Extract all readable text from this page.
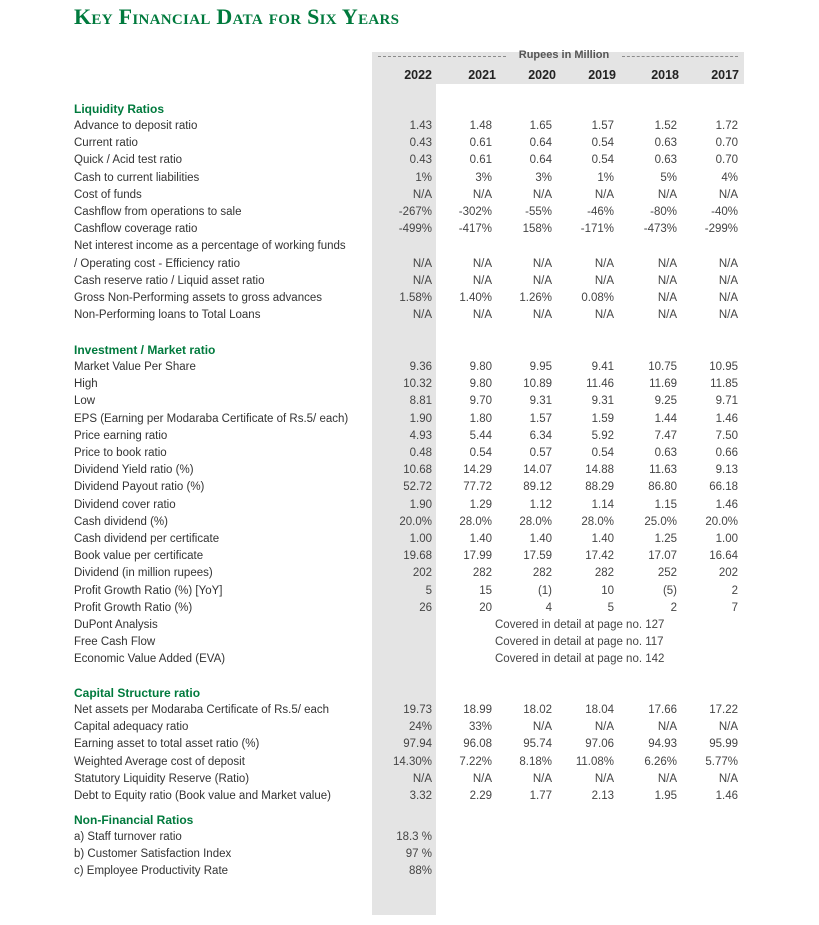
Key Financial Data for Six Years
Rupees in Million
2022	2021	2020	2019	2018	2017
Liquidity Ratios
Advance to deposit ratio	1.43	1.48	1.65	1.57	1.52	1.72
Current ratio	0.43	0.61	0.64	0.54	0.63	0.70
Quick / Acid test ratio	0.43	0.61	0.64	0.54	0.63	0.70
Cash to current liabilities	1%	3%	3%	1%	5%	4%
Cost of funds	N/A	N/A	N/A	N/A	N/A	N/A
Cashflow from operations to sale	-267%	-302%	-55%	-46%	-80%	-40%
Cashflow coverage ratio	-499%	-417%	158%	-171%	-473%	-299%
Net interest income as a percentage of working funds
/ Operating cost - Efficiency ratio	N/A	N/A	N/A	N/A	N/A	N/A
Cash reserve ratio / Liquid asset ratio	N/A	N/A	N/A	N/A	N/A	N/A
Gross Non-Performing assets to gross advances	1.58%	1.40%	1.26%	0.08%	N/A	N/A
Non-Performing loans to Total Loans	N/A	N/A	N/A	N/A	N/A	N/A
Investment / Market ratio
Market Value Per Share	9.36	9.80	9.95	9.41	10.75	10.95
High	10.32	9.80	10.89	11.46	11.69	11.85
Low	8.81	9.70	9.31	9.31	9.25	9.71
EPS (Earning per Modaraba Certificate of Rs.5/ each)	1.90	1.80	1.57	1.59	1.44	1.46
Price earning ratio	4.93	5.44	6.34	5.92	7.47	7.50
Price to book ratio	0.48	0.54	0.57	0.54	0.63	0.66
Dividend Yield ratio (%)	10.68	14.29	14.07	14.88	11.63	9.13
Dividend Payout ratio (%)	52.72	77.72	89.12	88.29	86.80	66.18
Dividend cover ratio	1.90	1.29	1.12	1.14	1.15	1.46
Cash dividend (%)	20.0%	28.0%	28.0%	28.0%	25.0%	20.0%
Cash dividend per certificate	1.00	1.40	1.40	1.40	1.25	1.00
Book value per certificate	19.68	17.99	17.59	17.42	17.07	16.64
Dividend (in million rupees)	202	282	282	282	252	202
Profit Growth Ratio (%) [YoY]	5	15	(1)	10	(5)	2
Profit Growth Ratio (%)	26	20	4	5	2	7
DuPont Analysis	Covered in detail at page no. 127
Free Cash Flow	Covered in detail at page no. 117
Economic Value Added (EVA)	Covered in detail at page no. 142
Capital Structure ratio
Net assets per Modaraba Certificate of Rs.5/ each	19.73	18.99	18.02	18.04	17.66	17.22
Capital adequacy ratio	24%	33%	N/A	N/A	N/A	N/A
Earning asset to total asset ratio (%)	97.94	96.08	95.74	97.06	94.93	95.99
Weighted Average cost of deposit	14.30%	7.22%	8.18%	11.08%	6.26%	5.77%
Statutory Liquidity Reserve (Ratio)	N/A	N/A	N/A	N/A	N/A	N/A
Debt to Equity ratio (Book value and Market value)	3.32	2.29	1.77	2.13	1.95	1.46
Non-Financial Ratios
a) Staff turnover ratio	18.3 %
b) Customer Satisfaction Index	97 %
c) Employee Productivity Rate	88%
